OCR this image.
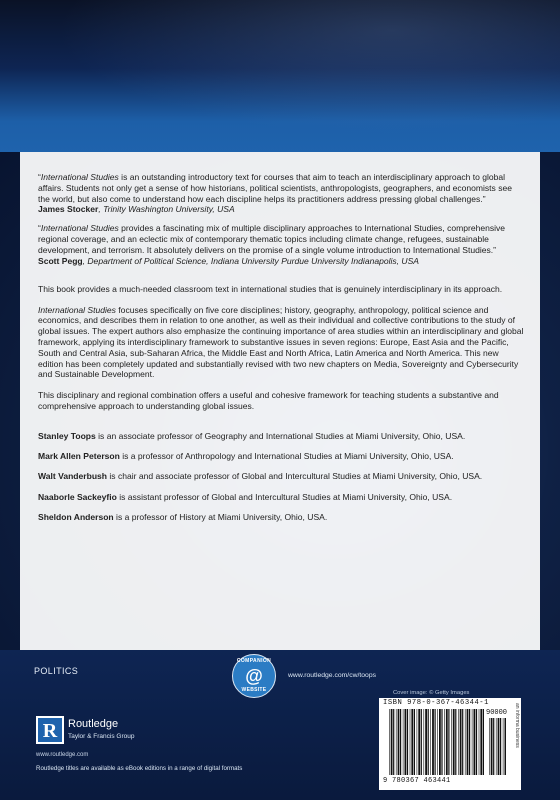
“International Studies is an outstanding introductory text for courses that aim to teach an interdisciplinary approach to global affairs. Students not only get a sense of how historians, political scientists, anthropologists, geographers, and economists see the world, but also come to understand how each discipline helps its practitioners address pressing global challenges.”

James Stocker, Trinity Washington University, USA

“International Studies provides a fascinating mix of multiple disciplinary approaches to International Studies, comprehensive regional coverage, and an eclectic mix of contemporary thematic topics including climate change, refugees, sustainable development, and terrorism. It absolutely delivers on the promise of a single volume introduction to International Studies.”

Scott Pegg, Department of Political Science, Indiana University Purdue University Indianapolis, USA

This book provides a much-needed classroom text in international studies that is genuinely interdisciplinary in its approach.

International Studies focuses specifically on five core disciplines; history, geography, anthropology, political science and economics, and describes them in relation to one another, as well as their individual and collective contributions to the study of global issues. The expert authors also emphasize the continuing importance of area studies within an interdisciplinary and global framework, applying its interdisciplinary framework to substantive issues in seven regions: Europe, East Asia and the Pacific, South and Central Asia, sub-Saharan Africa, the Middle East and North Africa, Latin America and North America. This new edition has been completely updated and substantially revised with two new chapters on Media, Sovereignty and Cybersecurity and Sustainable Development.

This disciplinary and regional combination offers a useful and cohesive framework for teaching students a substantive and comprehensive approach to understanding global issues.

Stanley Toops is an associate professor of Geography and International Studies at Miami University, Ohio, USA.

Mark Allen Peterson is a professor of Anthropology and International Studies at Miami University, Ohio, USA.

Walt Vanderbush is chair and associate professor of Global and Intercultural Studies at Miami University, Ohio, USA.

Naaborle Sackeyfio is assistant professor of Global and Intercultural Studies at Miami University, Ohio, USA.

Sheldon Anderson is a professor of History at Miami University, Ohio, USA.

POLITICS
COMPANION
@
WEBSITE
www.routledge.com/cw/toops
Cover image: © Getty Images
R Routledge
Taylor & Francis Group
www.routledge.com
Routledge titles are available as eBook editions in a range of digital formats
ISBN 978-0-367-46344-1
90000
9 780367 463441
an informa business
